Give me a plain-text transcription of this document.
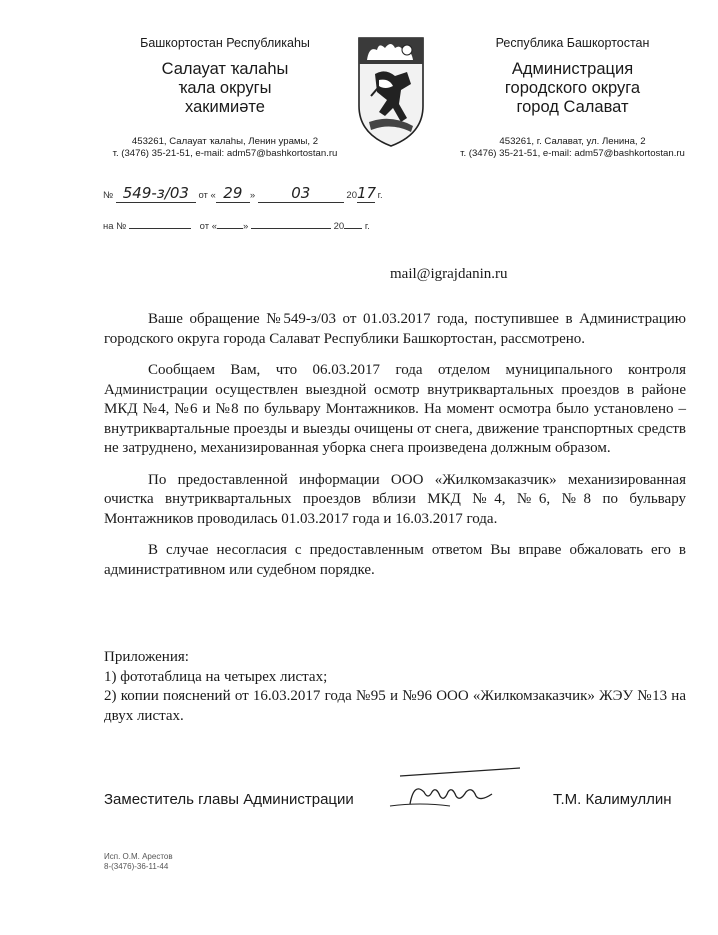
Башкортостан Республикаhы
Салауат ҡалаhы
ҡала округы
хакимиәте
453261, Салауат ҡалаhы, Ленин урамы, 2
т. (3476) 35-21-51, e-mail: adm57@bashkortostan.ru
Республика Башкортостан
Администрация
городского округа
город Салават
453261, г. Салават, ул. Ленина, 2
т. (3476) 35-21-51, e-mail: adm57@bashkortostan.ru
№ 549-з/03 от « 29 » 03	2017 г.
на №	от «	»	20 г.
mail@igrajdanin.ru

Ваше обращение №549-з/03 от 01.03.2017 года, поступившее в Администрацию городского округа города Салават Республики Башкортостан, рассмотрено.

Сообщаем Вам, что 06.03.2017 года отделом муниципального контроля Администрации осуществлен выездной осмотр внутриквартальных проездов в районе МКД №4, №6 и №8 по бульвару Монтажников. На момент осмотра было установлено – внутриквартальные проезды и выезды очищены от снега, движение транспортных средств не затруднено, механизированная уборка снега произведена должным образом.

По предоставленной информации ООО «Жилкомзаказчик» механизированная очистка внутриквартальных проездов вблизи МКД №4, №6, №8 по бульвару Монтажников проводилась 01.03.2017 года и 16.03.2017 года.

В случае несогласия с предоставленным ответом Вы вправе обжаловать его в административном или судебном порядке.

Приложения:
1) фототаблица на четырех листах;
2) копии пояснений от 16.03.2017 года №95 и №96 ООО «Жилкомзаказчик» ЖЭУ №13 на двух листах.
Заместитель главы Администрации	Т.М. Калимуллин
Исп. О.М. Арестов
8-(3476)-36-11-44
